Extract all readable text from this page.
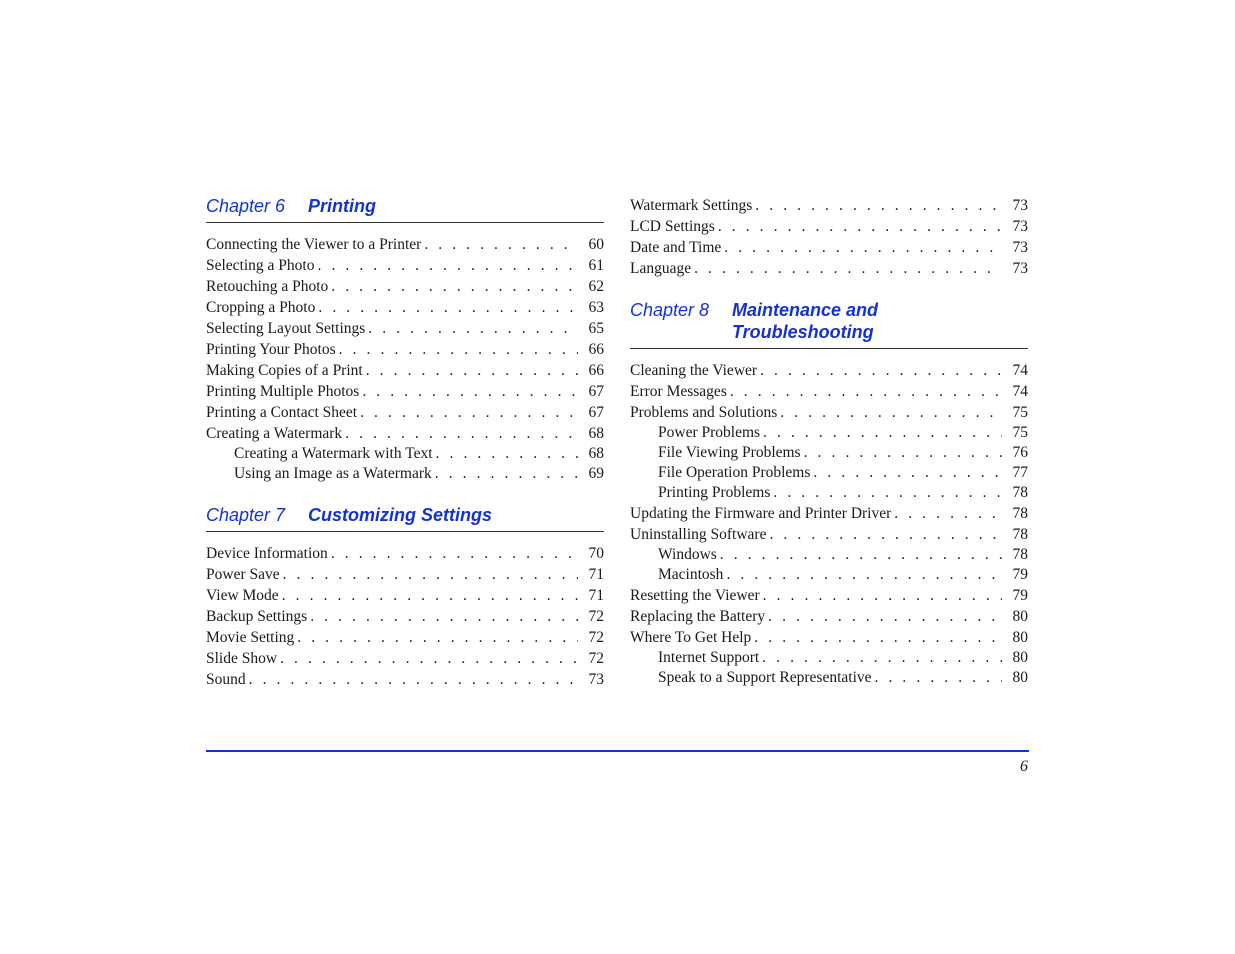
Chapter 6	Printing
Connecting the Viewer to a Printer . . .	60
Selecting a Photo . . .	61
Retouching a Photo . . .	62
Cropping a Photo . . .	63
Selecting Layout Settings . . .	65
Printing Your Photos . . .	66
Making Copies of a Print . . .	66
Printing Multiple Photos . . .	67
Printing a Contact Sheet . . .	67
Creating a Watermark . . .	68
Creating a Watermark with Text . . .	68
Using an Image as a Watermark . . .	69
Chapter 7	Customizing Settings
Device Information . . .	70
Power Save . . .	71
View Mode . . .	71
Backup Settings . . .	72
Movie Setting . . .	72
Slide Show . . .	72
Sound . . .	73
Watermark Settings . . .	73
LCD Settings . . .	73
Date and Time . . .	73
Language . . .	73
Chapter 8	Maintenance and
Troubleshooting
Cleaning the Viewer . . .	74
Error Messages . . .	74
Problems and Solutions . . .	75
Power Problems . . .	75
File Viewing Problems . . .	76
File Operation Problems . . .	77
Printing Problems . . .	78
Updating the Firmware and Printer Driver . . .	78
Uninstalling Software . . .	78
Windows . . .	78
Macintosh . . .	79
Resetting the Viewer . . .	79
Replacing the Battery . . .	80
Where To Get Help . . .	80
Internet Support . . .	80
Speak to a Support Representative . . .	80
6
